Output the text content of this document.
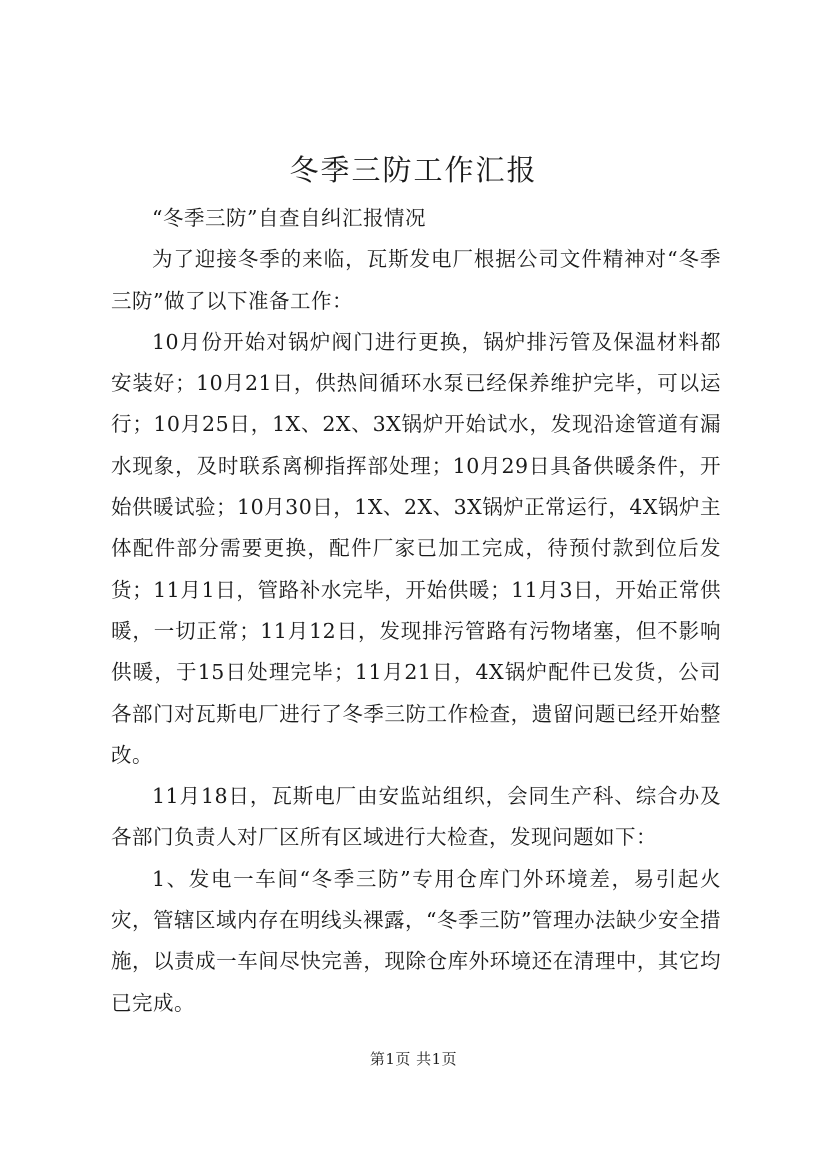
冬季三防工作汇报

“冬季三防”自查自纠汇报情况

为了迎接冬季的来临，瓦斯发电厂根据公司文件精神对“冬季三防”做了以下准备工作：

10月份开始对锅炉阀门进行更换，锅炉排污管及保温材料都安装好；10月21日，供热间循环水泵已经保养维护完毕，可以运行；10月25日，1X、2X、3X锅炉开始试水，发现沿途管道有漏水现象，及时联系离柳指挥部处理；10月29日具备供暖条件，开始供暖试验；10月30日，1X、2X、3X锅炉正常运行，4X锅炉主体配件部分需要更换，配件厂家已加工完成，待预付款到位后发货；11月1日，管路补水完毕，开始供暖；11月3日，开始正常供暖，一切正常；11月12日，发现排污管路有污物堵塞，但不影响供暖，于15日处理完毕；11月21日，4X锅炉配件已发货，公司各部门对瓦斯电厂进行了冬季三防工作检查，遗留问题已经开始整改。

11月18日，瓦斯电厂由安监站组织，会同生产科、综合办及各部门负责人对厂区所有区域进行大检查，发现问题如下：

1、发电一车间“冬季三防”专用仓库门外环境差，易引起火灾，管辖区域内存在明线头裸露，“冬季三防”管理办法缺少安全措施，以责成一车间尽快完善，现除仓库外环境还在清理中，其它均已完成。

第1页 共1页
